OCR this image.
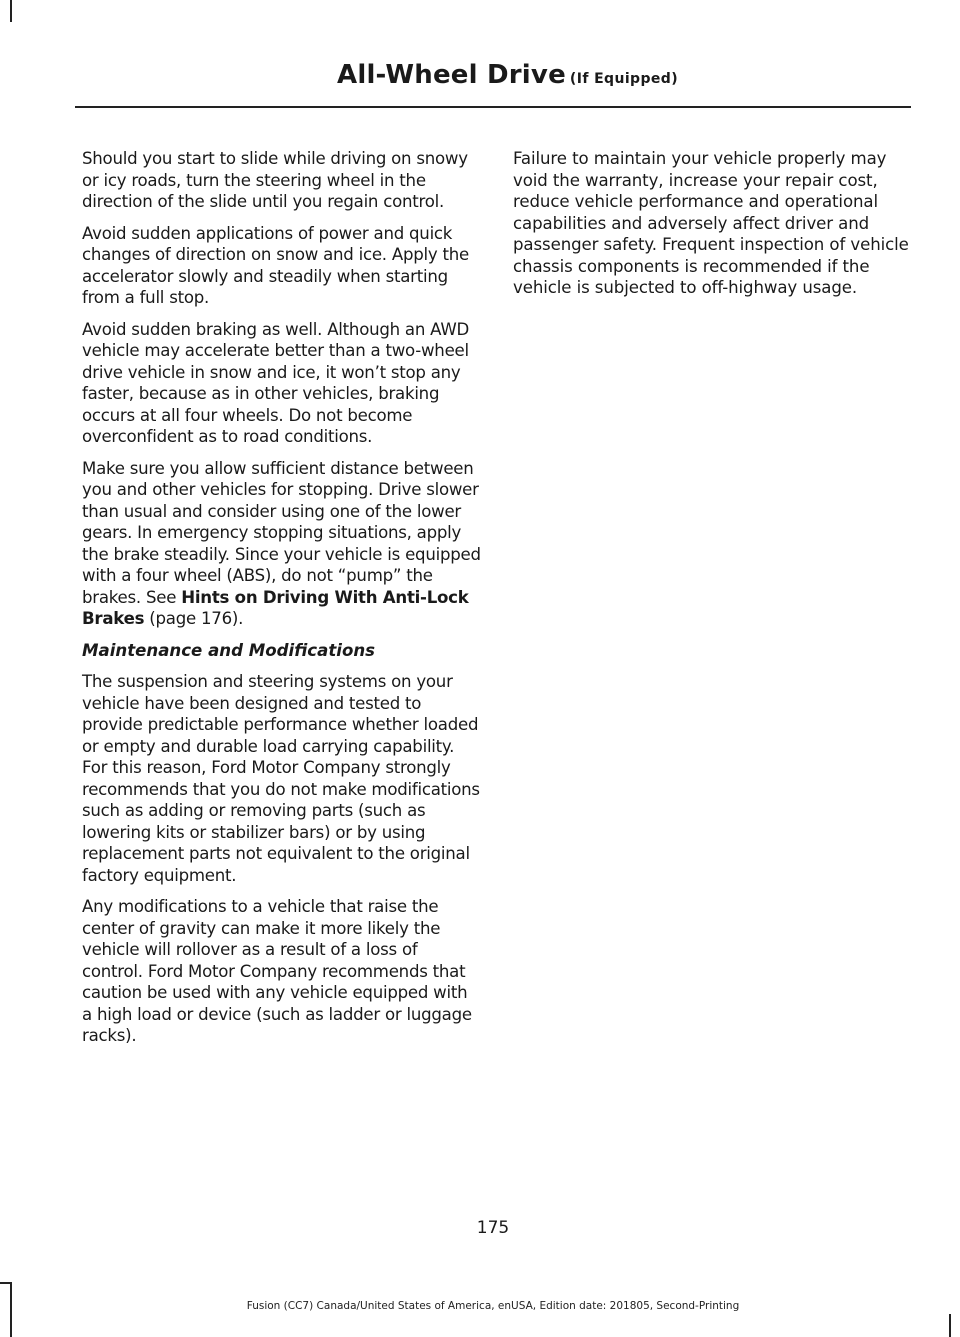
All-Wheel Drive (If Equipped)

Should you start to slide while driving on snowy or icy roads, turn the steering wheel in the direction of the slide until you regain control.

Avoid sudden applications of power and quick changes of direction on snow and ice. Apply the accelerator slowly and steadily when starting from a full stop.

Avoid sudden braking as well. Although an AWD vehicle may accelerate better than a two-wheel drive vehicle in snow and ice, it won’t stop any faster, because as in other vehicles, braking occurs at all four wheels. Do not become overconfident as to road conditions.

Make sure you allow sufficient distance between you and other vehicles for stopping. Drive slower than usual and consider using one of the lower gears. In emergency stopping situations, apply the brake steadily. Since your vehicle is equipped with a four wheel (ABS), do not “pump” the brakes. See Hints on Driving With Anti-Lock Brakes (page 176).

Maintenance and Modifications

The suspension and steering systems on your vehicle have been designed and tested to provide predictable performance whether loaded or empty and durable load carrying capability. For this reason, Ford Motor Company strongly recommends that you do not make modifications such as adding or removing parts (such as lowering kits or stabilizer bars) or by using replacement parts not equivalent to the original factory equipment.

Any modifications to a vehicle that raise the center of gravity can make it more likely the vehicle will rollover as a result of a loss of control. Ford Motor Company recommends that caution be used with any vehicle equipped with a high load or device (such as ladder or luggage racks).

Failure to maintain your vehicle properly may void the warranty, increase your repair cost, reduce vehicle performance and operational capabilities and adversely affect driver and passenger safety. Frequent inspection of vehicle chassis components is recommended if the vehicle is subjected to off-highway usage.

175
Fusion (CC7) Canada/United States of America, enUSA, Edition date: 201805, Second-Printing
